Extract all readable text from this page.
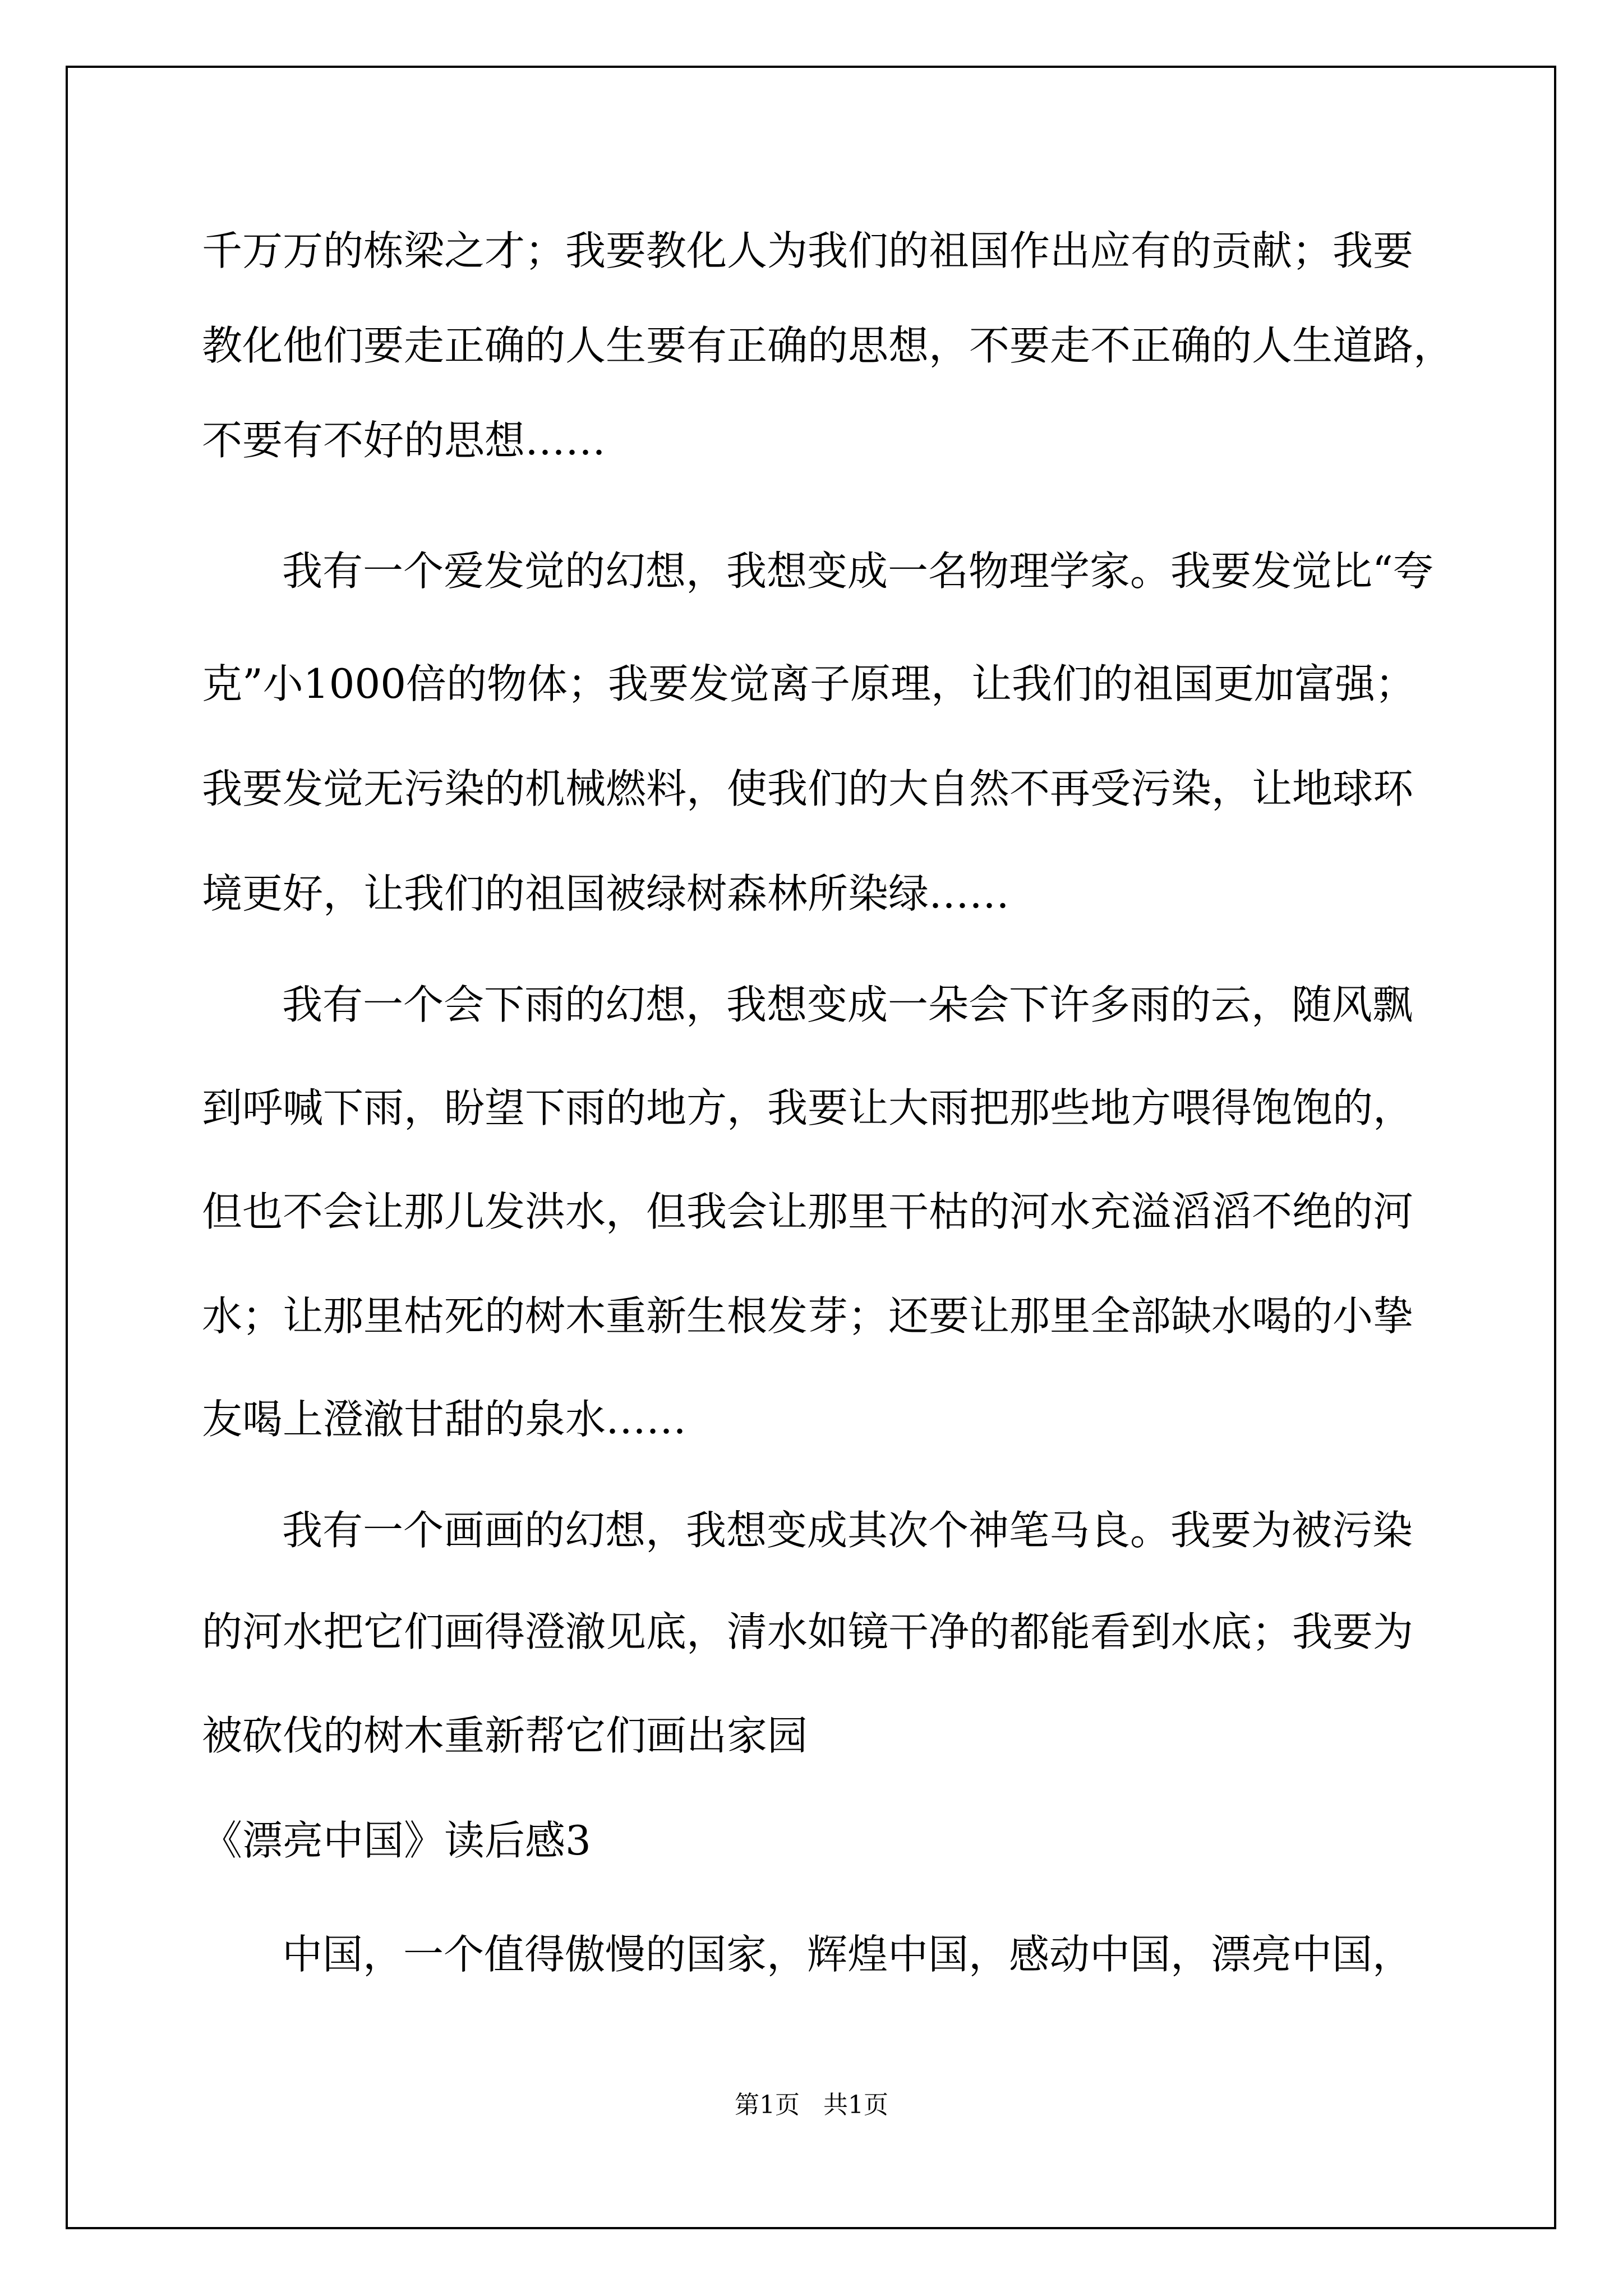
千万万的栋梁之才；我要教化人为我们的祖国作出应有的贡献；我要
教化他们要走正确的人生要有正确的思想，不要走不正确的人生道路，
不要有不好的思想……
我有一个爱发觉的幻想，我想变成一名物理学家。我要发觉比“夸
克”小1000倍的物体；我要发觉离子原理，让我们的祖国更加富强；
我要发觉无污染的机械燃料，使我们的大自然不再受污染，让地球环
境更好，让我们的祖国被绿树森林所染绿……
我有一个会下雨的幻想，我想变成一朵会下许多雨的云，随风飘
到呼喊下雨，盼望下雨的地方，我要让大雨把那些地方喂得饱饱的，
但也不会让那儿发洪水，但我会让那里干枯的河水充溢滔滔不绝的河
水；让那里枯死的树木重新生根发芽；还要让那里全部缺水喝的小挚
友喝上澄澈甘甜的泉水……
我有一个画画的幻想，我想变成其次个神笔马良。我要为被污染
的河水把它们画得澄澈见底，清水如镜干净的都能看到水底；我要为
被砍伐的树木重新帮它们画出家园
《漂亮中国》读后感3
中国，一个值得傲慢的国家，辉煌中国，感动中国，漂亮中国，
第1页   共1页
